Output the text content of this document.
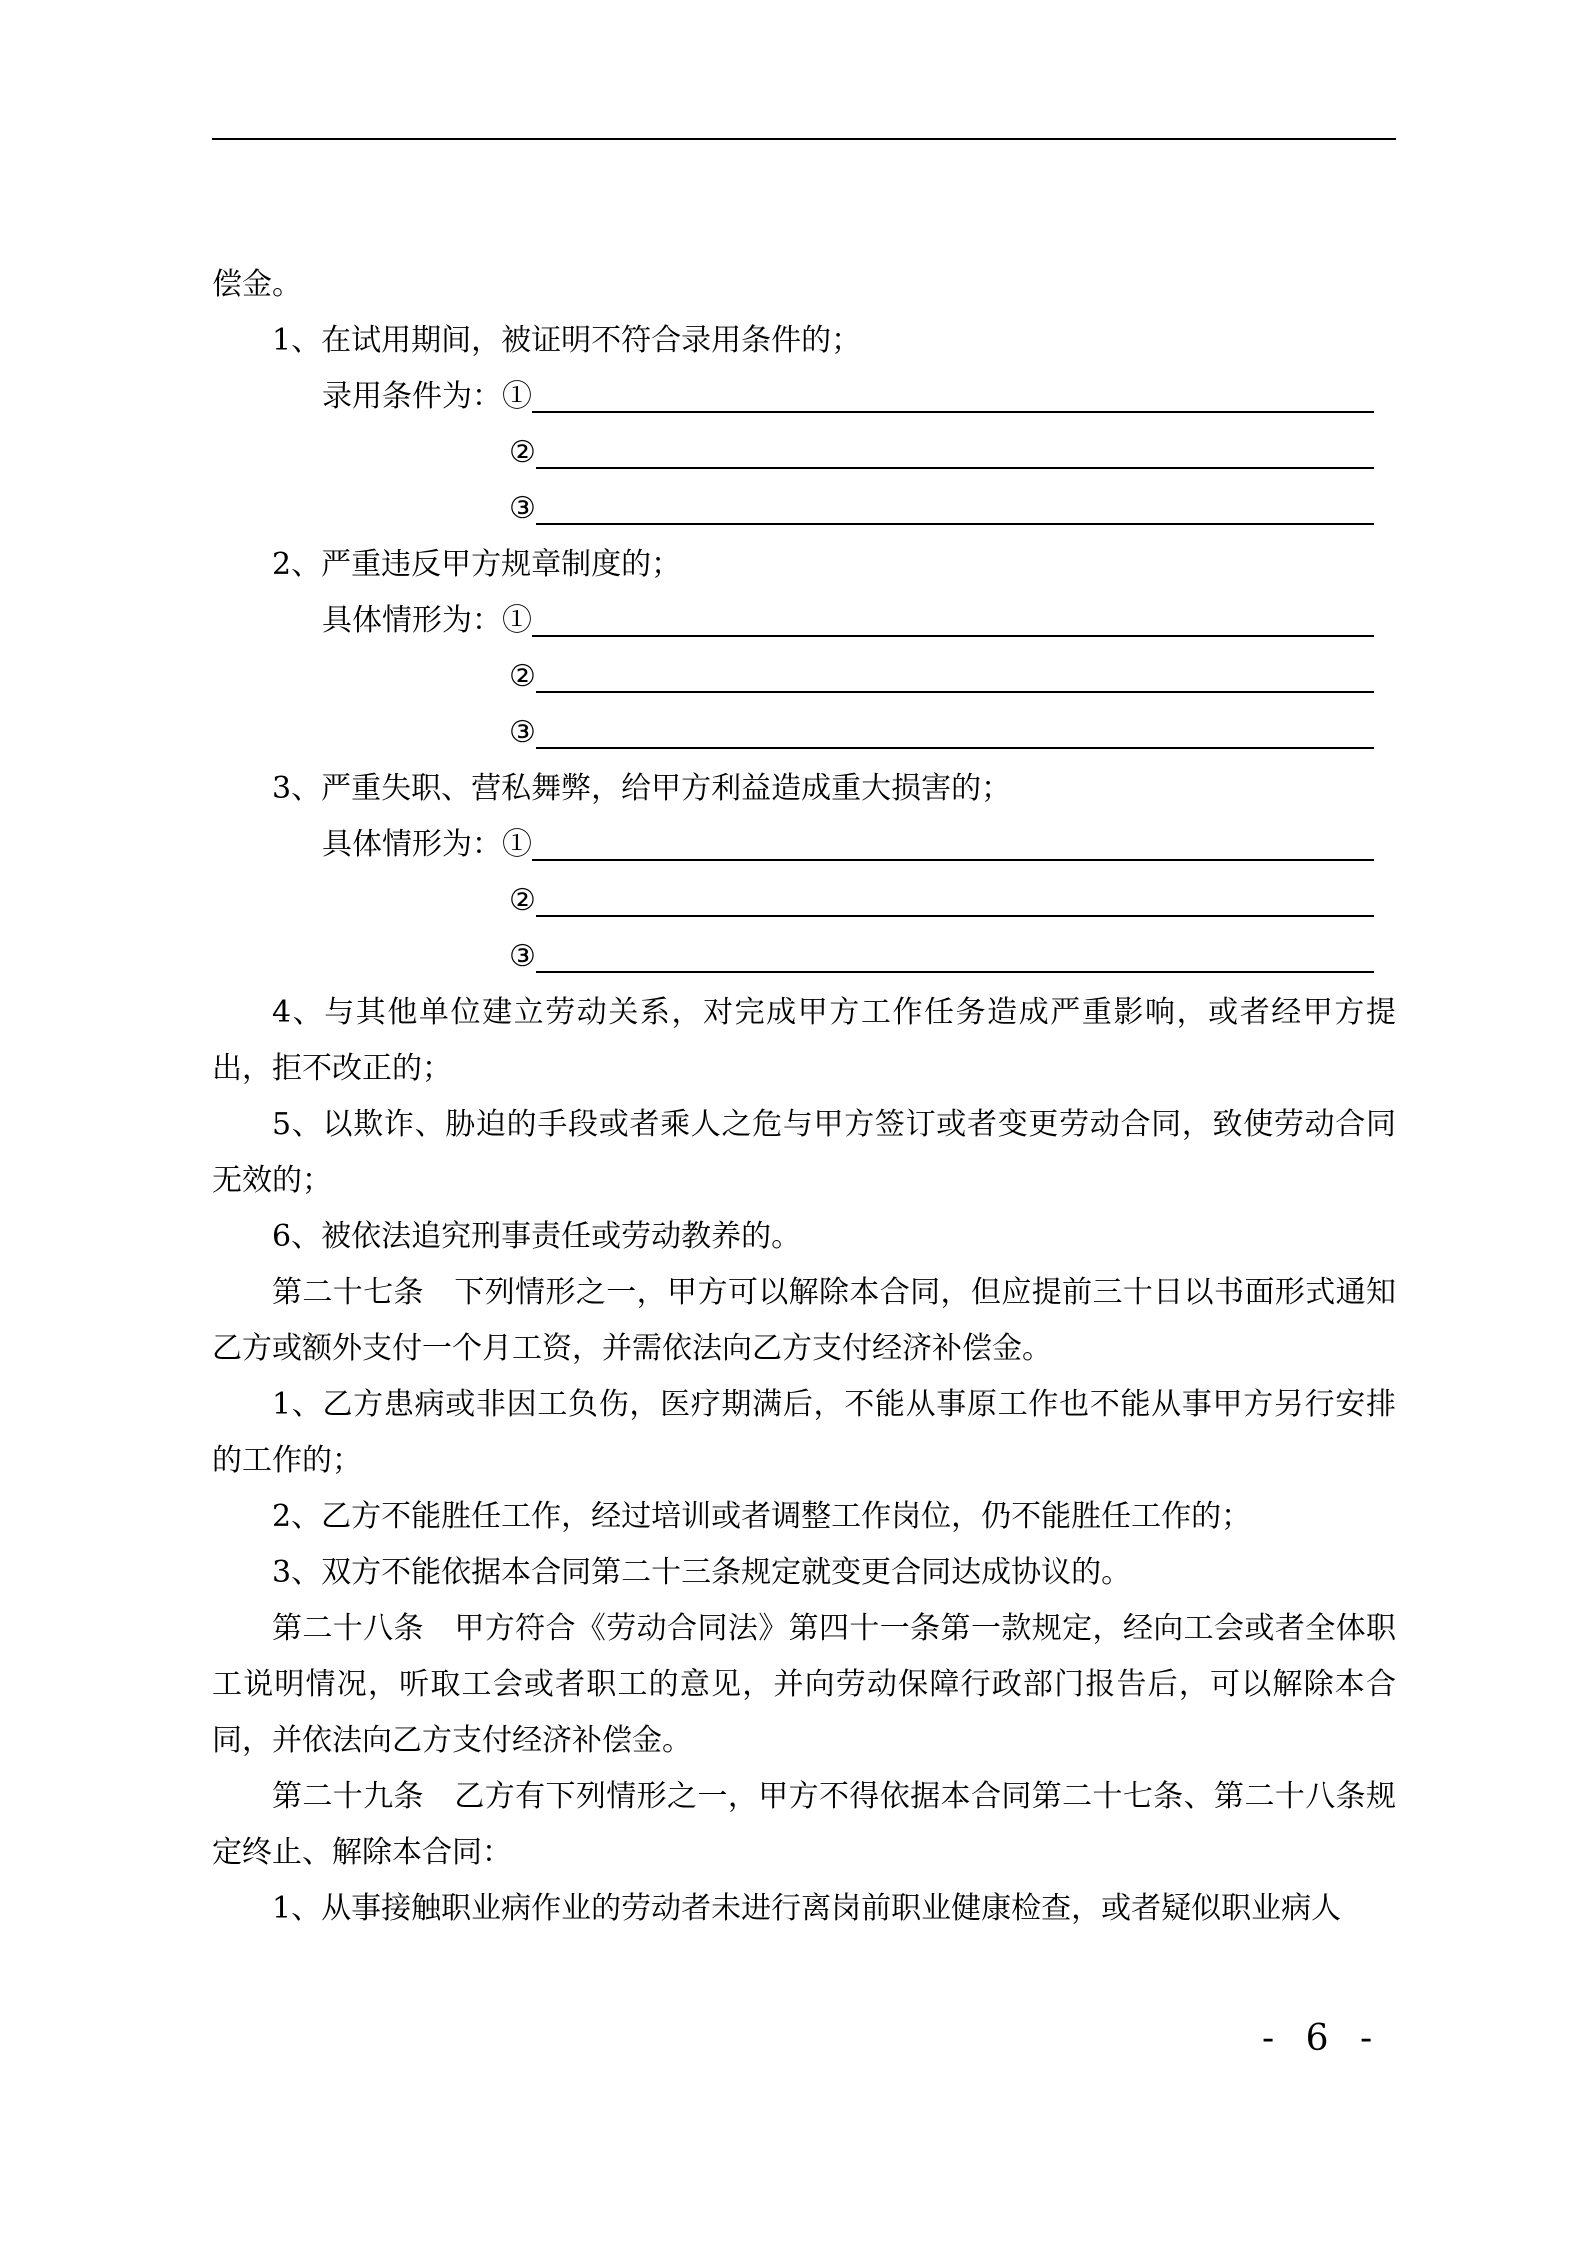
偿金。

1、在试用期间，被证明不符合录用条件的；

录用条件为：①
②
③

2、严重违反甲方规章制度的；

具体情形为：①
②
③

3、严重失职、营私舞弊，给甲方利益造成重大损害的；

具体情形为：①
②
③

4、与其他单位建立劳动关系，对完成甲方工作任务造成严重影响，或者经甲方提出，拒不改正的；

5、以欺诈、胁迫的手段或者乘人之危与甲方签订或者变更劳动合同，致使劳动合同无效的；

6、被依法追究刑事责任或劳动教养的。

第二十七条　下列情形之一，甲方可以解除本合同，但应提前三十日以书面形式通知乙方或额外支付一个月工资，并需依法向乙方支付经济补偿金。

1、乙方患病或非因工负伤，医疗期满后，不能从事原工作也不能从事甲方另行安排的工作的；

2、乙方不能胜任工作，经过培训或者调整工作岗位，仍不能胜任工作的；

3、双方不能依据本合同第二十三条规定就变更合同达成协议的。

第二十八条　甲方符合《劳动合同法》第四十一条第一款规定，经向工会或者全体职工说明情况，听取工会或者职工的意见，并向劳动保障行政部门报告后，可以解除本合同，并依法向乙方支付经济补偿金。

第二十九条　乙方有下列情形之一，甲方不得依据本合同第二十七条、第二十八条规定终止、解除本合同：

1、从事接触职业病作业的劳动者未进行离岗前职业健康检查，或者疑似职业病人

- 6 -
